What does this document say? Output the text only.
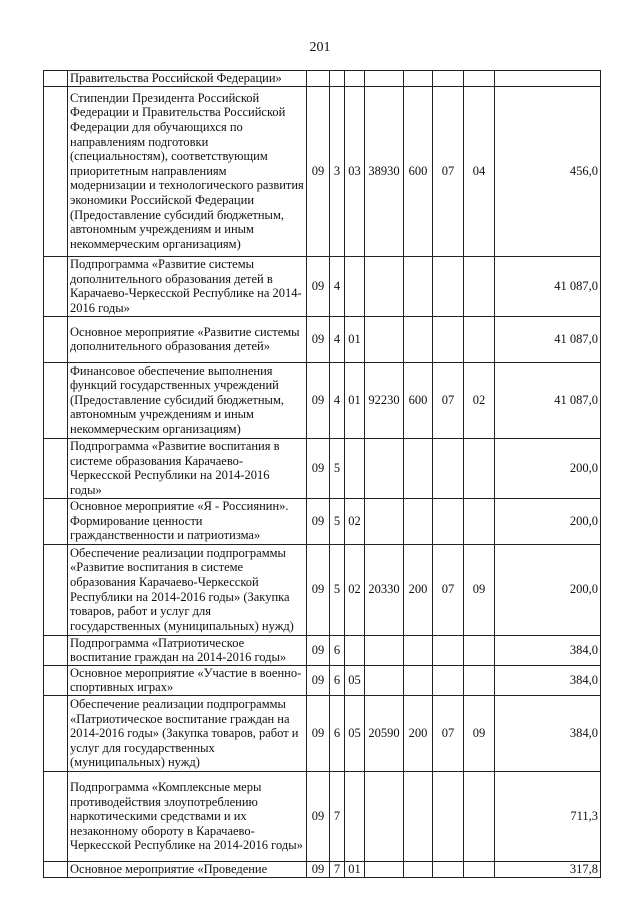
201
	Правительства Российской Федерации»								
	Стипендии Президента Российской Федерации и Правительства Российской Федерации для обучающихся по направлениям подготовки (специальностям), соответствующим приоритетным направлениям модернизации и технологического развития экономики Российской Федерации (Предоставление субсидий бюджетным, автономным учреждениям и иным некоммерческим организациям)	09	3	03	38930	600	07	04	456,0
	Подпрограмма «Развитие системы дополнительного образования детей в Карачаево-Черкесской Республике на 2014-2016 годы»	09	4						41 087,0
	Основное мероприятие «Развитие системы дополнительного образования детей»	09	4	01					41 087,0
	Финансовое обеспечение выполнения функций государственных учреждений (Предоставление субсидий бюджетным, автономным учреждениям и иным некоммерческим организациям)	09	4	01	92230	600	07	02	41 087,0
	Подпрограмма «Развитие воспитания в системе образования Карачаево-Черкесской Республики на 2014-2016 годы»	09	5						200,0
	Основное мероприятие «Я - Россиянин». Формирование ценности гражданственности и патриотизма»	09	5	02					200,0
	Обеспечение реализации подпрограммы «Развитие воспитания в системе образования Карачаево-Черкесской Республики на 2014-2016 годы» (Закупка товаров, работ и услуг для государственных (муниципальных) нужд)	09	5	02	20330	200	07	09	200,0
	Подпрограмма «Патриотическое воспитание граждан на 2014-2016 годы»	09	6						384,0
	Основное мероприятие «Участие в военно-спортивных играх»	09	6	05					384,0
	Обеспечение реализации подпрограммы «Патриотическое воспитание граждан на 2014-2016 годы» (Закупка товаров, работ и услуг для государственных (муниципальных) нужд)	09	6	05	20590	200	07	09	384,0
	Подпрограмма «Комплексные меры противодействия злоупотреблению наркотическими средствами и их незаконному обороту в Карачаево-Черкесской Республике на 2014-2016 годы»	09	7						711,3
	Основное мероприятие «Проведение	09	7	01					317,8
